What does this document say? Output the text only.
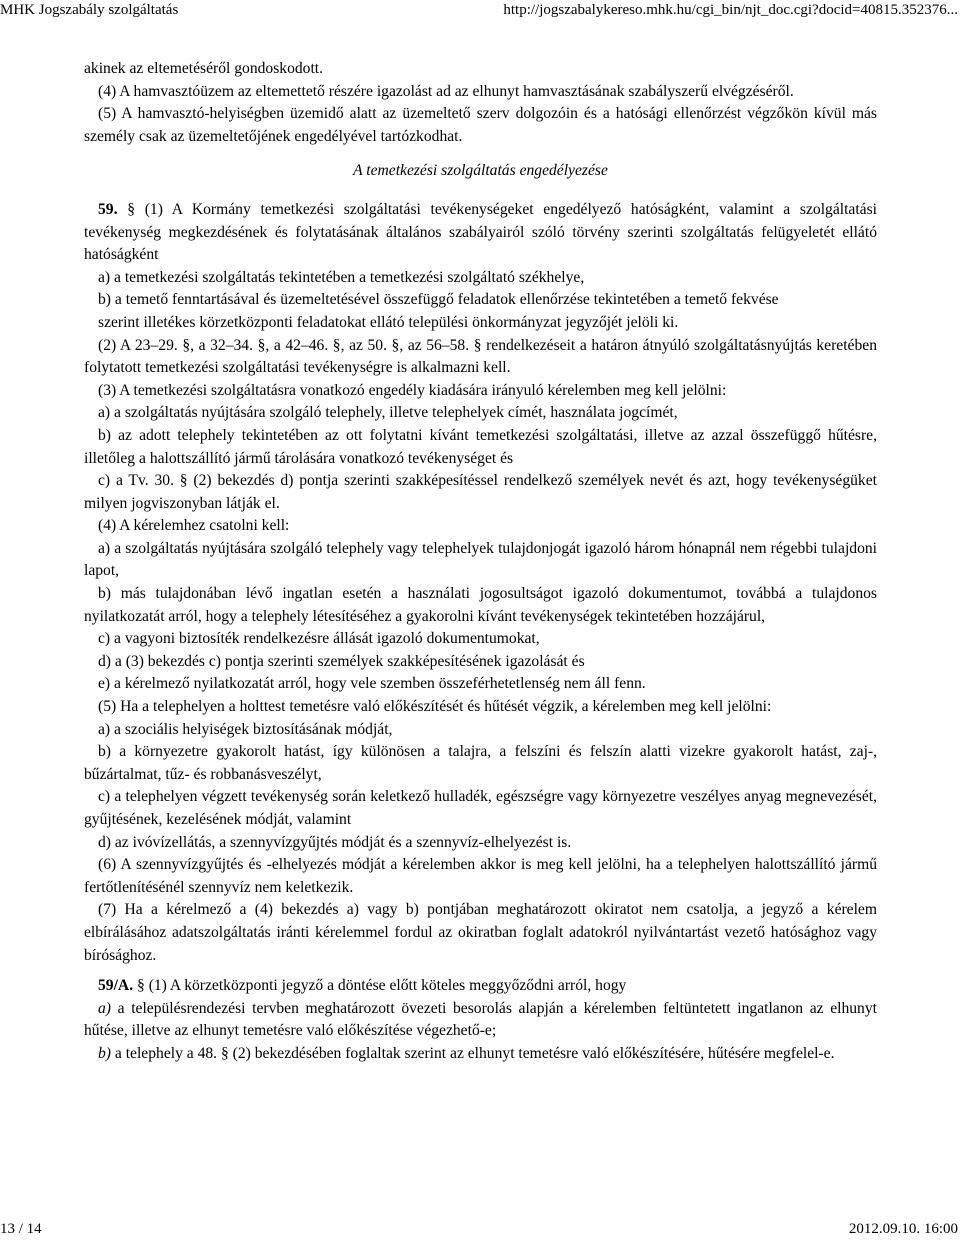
MHK Jogszabály szolgáltatás	http://jogszabalykereso.mhk.hu/cgi_bin/njt_doc.cgi?docid=40815.352376...

akinek az eltemetéséről gondoskodott.

(4) A hamvasztóüzem az eltemettető részére igazolást ad az elhunyt hamvasztásának szabályszerű elvégzéséről.

(5) A hamvasztó-helyiségben üzemidő alatt az üzemeltető szerv dolgozóin és a hatósági ellenőrzést végzőkön kívül más személy csak az üzemeltetőjének engedélyével tartózkodhat.

A temetkezési szolgáltatás engedélyezése

59. § (1) A Kormány temetkezési szolgáltatási tevékenységeket engedélyező hatóságként, valamint a szolgáltatási tevékenység megkezdésének és folytatásának általános szabályairól szóló törvény szerinti szolgáltatás felügyeletét ellátó hatóságként

a) a temetkezési szolgáltatás tekintetében a temetkezési szolgáltató székhelye,

b) a temető fenntartásával és üzemeltetésével összefüggő feladatok ellenőrzése tekintetében a temető fekvése

szerint illetékes körzetközponti feladatokat ellátó települési önkormányzat jegyzőjét jelöli ki.

(2) A 23–29. §, a 32–34. §, a 42–46. §, az 50. §, az 56–58. § rendelkezéseit a határon átnyúló szolgáltatásnyújtás keretében folytatott temetkezési szolgáltatási tevékenységre is alkalmazni kell.

(3) A temetkezési szolgáltatásra vonatkozó engedély kiadására irányuló kérelemben meg kell jelölni:

a) a szolgáltatás nyújtására szolgáló telephely, illetve telephelyek címét, használata jogcímét,

b) az adott telephely tekintetében az ott folytatni kívánt temetkezési szolgáltatási, illetve az azzal összefüggő hűtésre, illetőleg a halottszállító jármű tárolására vonatkozó tevékenységet és

c) a Tv. 30. § (2) bekezdés d) pontja szerinti szakképesítéssel rendelkező személyek nevét és azt, hogy tevékenységüket milyen jogviszonyban látják el.

(4) A kérelemhez csatolni kell:

a) a szolgáltatás nyújtására szolgáló telephely vagy telephelyek tulajdonjogát igazoló három hónapnál nem régebbi tulajdoni lapot,

b) más tulajdonában lévő ingatlan esetén a használati jogosultságot igazoló dokumentumot, továbbá a tulajdonos nyilatkozatát arról, hogy a telephely létesítéséhez a gyakorolni kívánt tevékenységek tekintetében hozzájárul,

c) a vagyoni biztosíték rendelkezésre állását igazoló dokumentumokat,

d) a (3) bekezdés c) pontja szerinti személyek szakképesítésének igazolását és

e) a kérelmező nyilatkozatát arról, hogy vele szemben összeférhetetlenség nem áll fenn.

(5) Ha a telephelyen a holttest temetésre való előkészítését és hűtését végzik, a kérelemben meg kell jelölni:

a) a szociális helyiségek biztosításának módját,

b) a környezetre gyakorolt hatást, így különösen a talajra, a felszíni és felszín alatti vizekre gyakorolt hatást, zaj-, bűzártalmat, tűz- és robbanásveszélyt,

c) a telephelyen végzett tevékenység során keletkező hulladék, egészségre vagy környezetre veszélyes anyag megnevezését, gyűjtésének, kezelésének módját, valamint

d) az ivóvízellátás, a szennyvízgyűjtés módját és a szennyvíz-elhelyezést is.

(6) A szennyvízgyűjtés és -elhelyezés módját a kérelemben akkor is meg kell jelölni, ha a telephelyen halottszállító jármű fertőtlenítésénél szennyvíz nem keletkezik.

(7) Ha a kérelmező a (4) bekezdés a) vagy b) pontjában meghatározott okiratot nem csatolja, a jegyző a kérelem elbírálásához adatszolgáltatás iránti kérelemmel fordul az okiratban foglalt adatokról nyilvántartást vezető hatósághoz vagy bírósághoz.

59/A. § (1) A körzetközponti jegyző a döntése előtt köteles meggyőződni arról, hogy

a) a településrendezési tervben meghatározott övezeti besorolás alapján a kérelemben feltüntetett ingatlanon az elhunyt hűtése, illetve az elhunyt temetésre való előkészítése végezhető-e;

b) a telephely a 48. § (2) bekezdésében foglaltak szerint az elhunyt temetésre való előkészítésére, hűtésére megfelel-e.

13 / 14	2012.09.10. 16:00
